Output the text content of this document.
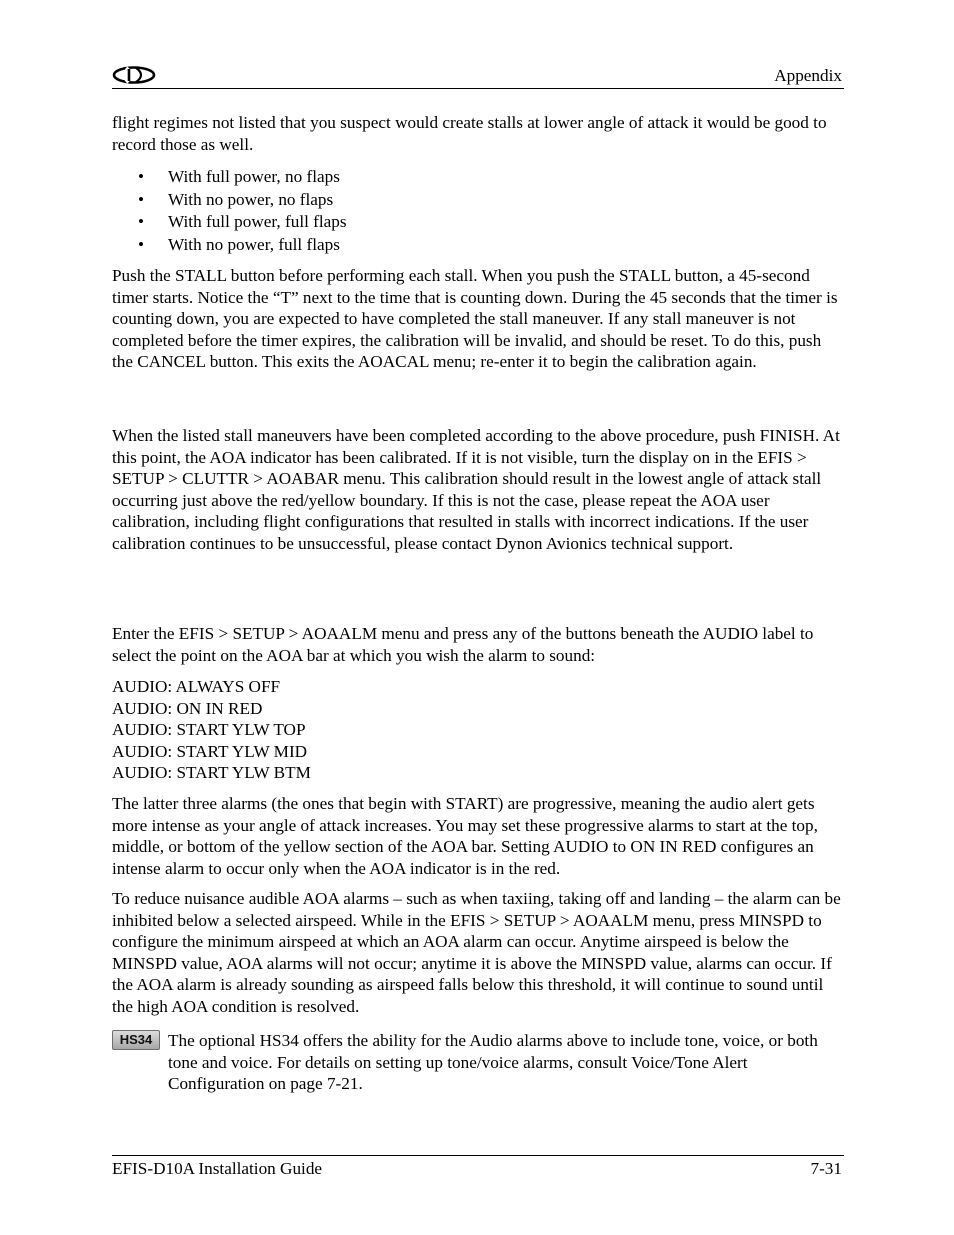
Appendix

flight regimes not listed that you suspect would create stalls at lower angle of attack it would be good to record those as well.

• With full power, no flaps
• With no power, no flaps
• With full power, full flaps
• With no power, full flaps

Push the STALL button before performing each stall. When you push the STALL button, a 45-second timer starts. Notice the “T” next to the time that is counting down. During the 45 seconds that the timer is counting down, you are expected to have completed the stall maneuver. If any stall maneuver is not completed before the timer expires, the calibration will be invalid, and should be reset. To do this, push the CANCEL button. This exits the AOACAL menu; re-enter it to begin the calibration again.

When the listed stall maneuvers have been completed according to the above procedure, push FINISH. At this point, the AOA indicator has been calibrated. If it is not visible, turn the display on in the EFIS > SETUP > CLUTTR > AOABAR menu. This calibration should result in the lowest angle of attack stall occurring just above the red/yellow boundary. If this is not the case, please repeat the AOA user calibration, including flight configurations that resulted in stalls with incorrect indications. If the user calibration continues to be unsuccessful, please contact Dynon Avionics technical support.

Enter the EFIS > SETUP > AOAALM menu and press any of the buttons beneath the AUDIO label to select the point on the AOA bar at which you wish the alarm to sound:

AUDIO: ALWAYS OFF
AUDIO: ON IN RED
AUDIO: START YLW TOP
AUDIO: START YLW MID
AUDIO: START YLW BTM

The latter three alarms (the ones that begin with START) are progressive, meaning the audio alert gets more intense as your angle of attack increases. You may set these progressive alarms to start at the top, middle, or bottom of the yellow section of the AOA bar. Setting AUDIO to ON IN RED configures an intense alarm to occur only when the AOA indicator is in the red.

To reduce nuisance audible AOA alarms – such as when taxiing, taking off and landing – the alarm can be inhibited below a selected airspeed. While in the EFIS > SETUP > AOAALM menu, press MINSPD to configure the minimum airspeed at which an AOA alarm can occur. Anytime airspeed is below the MINSPD value, AOA alarms will not occur; anytime it is above the MINSPD value, alarms can occur. If the AOA alarm is already sounding as airspeed falls below this threshold, it will continue to sound until the high AOA condition is resolved.

HS34 The optional HS34 offers the ability for the Audio alarms above to include tone, voice, or both tone and voice. For details on setting up tone/voice alarms, consult Voice/Tone Alert Configuration on page 7-21.

EFIS-D10A Installation Guide	7-31
